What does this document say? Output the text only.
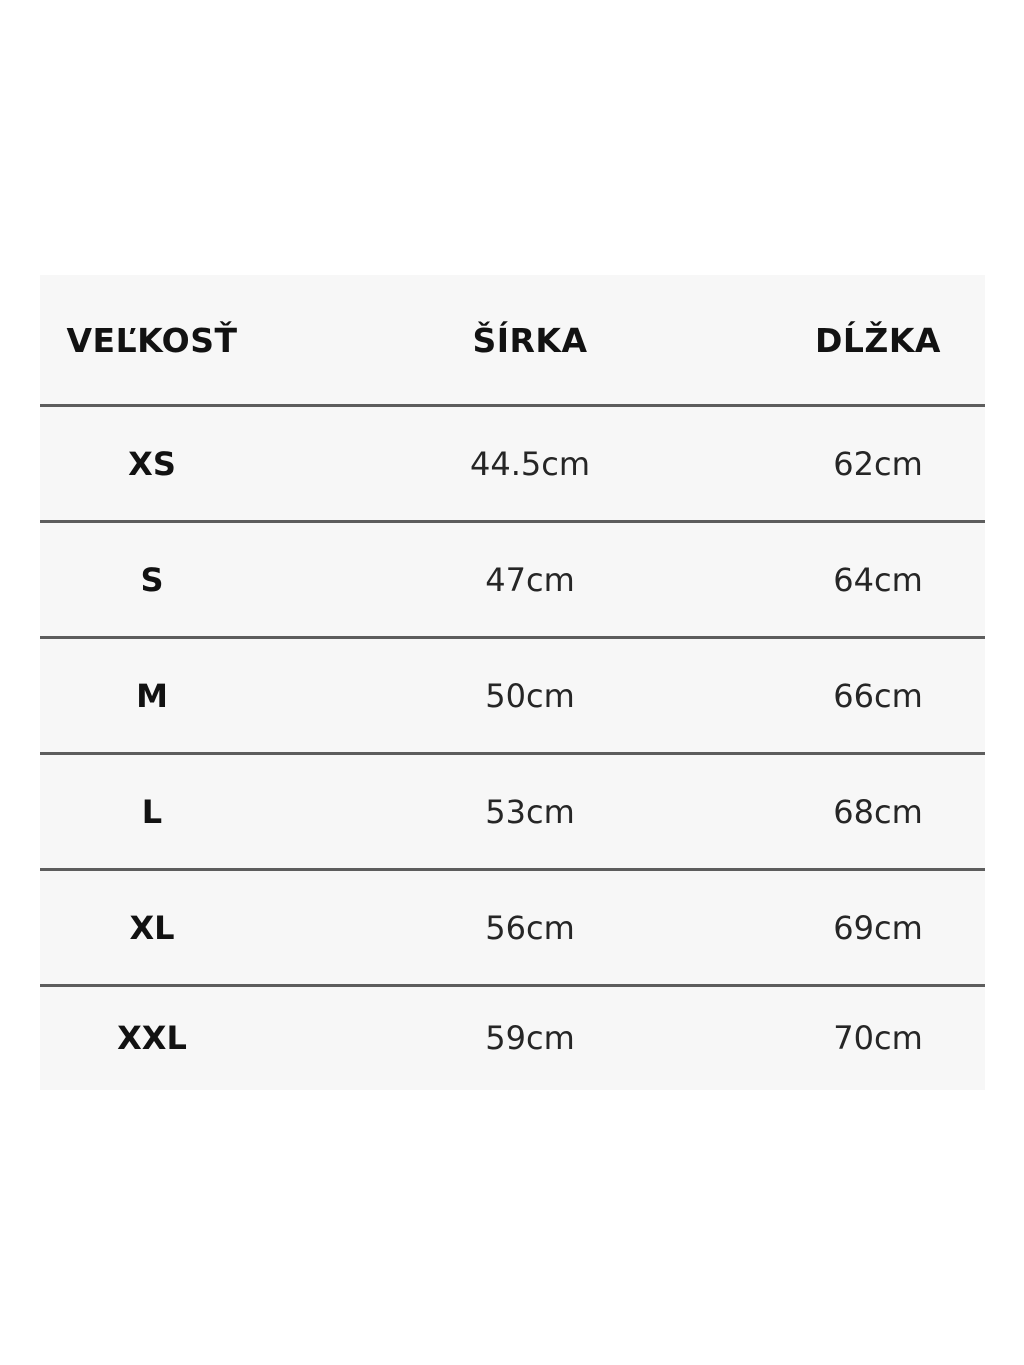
VEĽKOSŤ	ŠÍRKA	DĹŽKA
XS	44.5cm	62cm
S	47cm	64cm
M	50cm	66cm
L	53cm	68cm
XL	56cm	69cm
XXL	59cm	70cm
